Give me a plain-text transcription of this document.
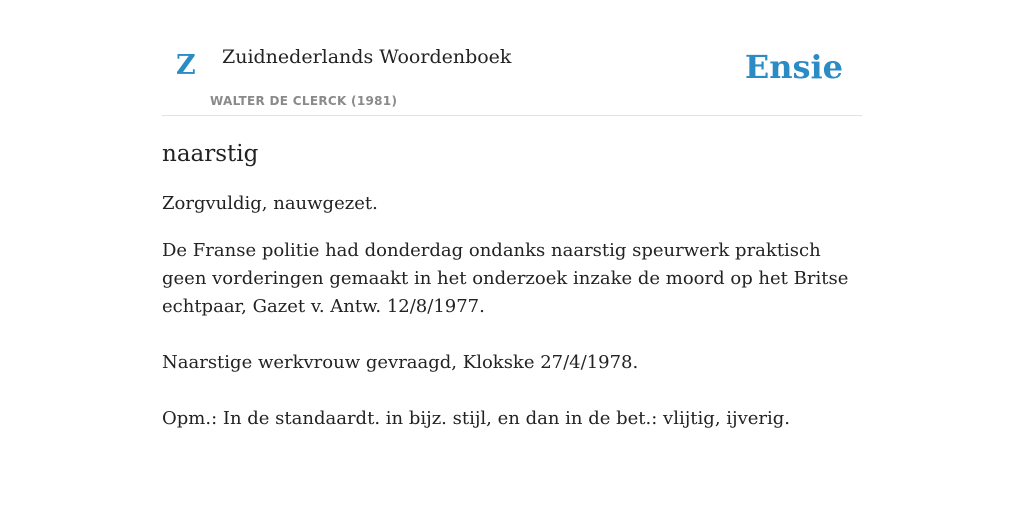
Z Zuidnederlands Woordenboek
WALTER DE CLERCK (1981)
Ensie
naarstig

Zorgvuldig, nauwgezet.

De Franse politie had donderdag ondanks naarstig speurwerk praktisch geen vorderingen gemaakt in het onderzoek inzake de moord op het Britse echtpaar, Gazet v. Antw. 12/8/1977.

Naarstige werkvrouw gevraagd, Klokske 27/4/1978.

Opm.: In de standaardt. in bijz. stijl, en dan in de bet.: vlijtig, ijverig.
